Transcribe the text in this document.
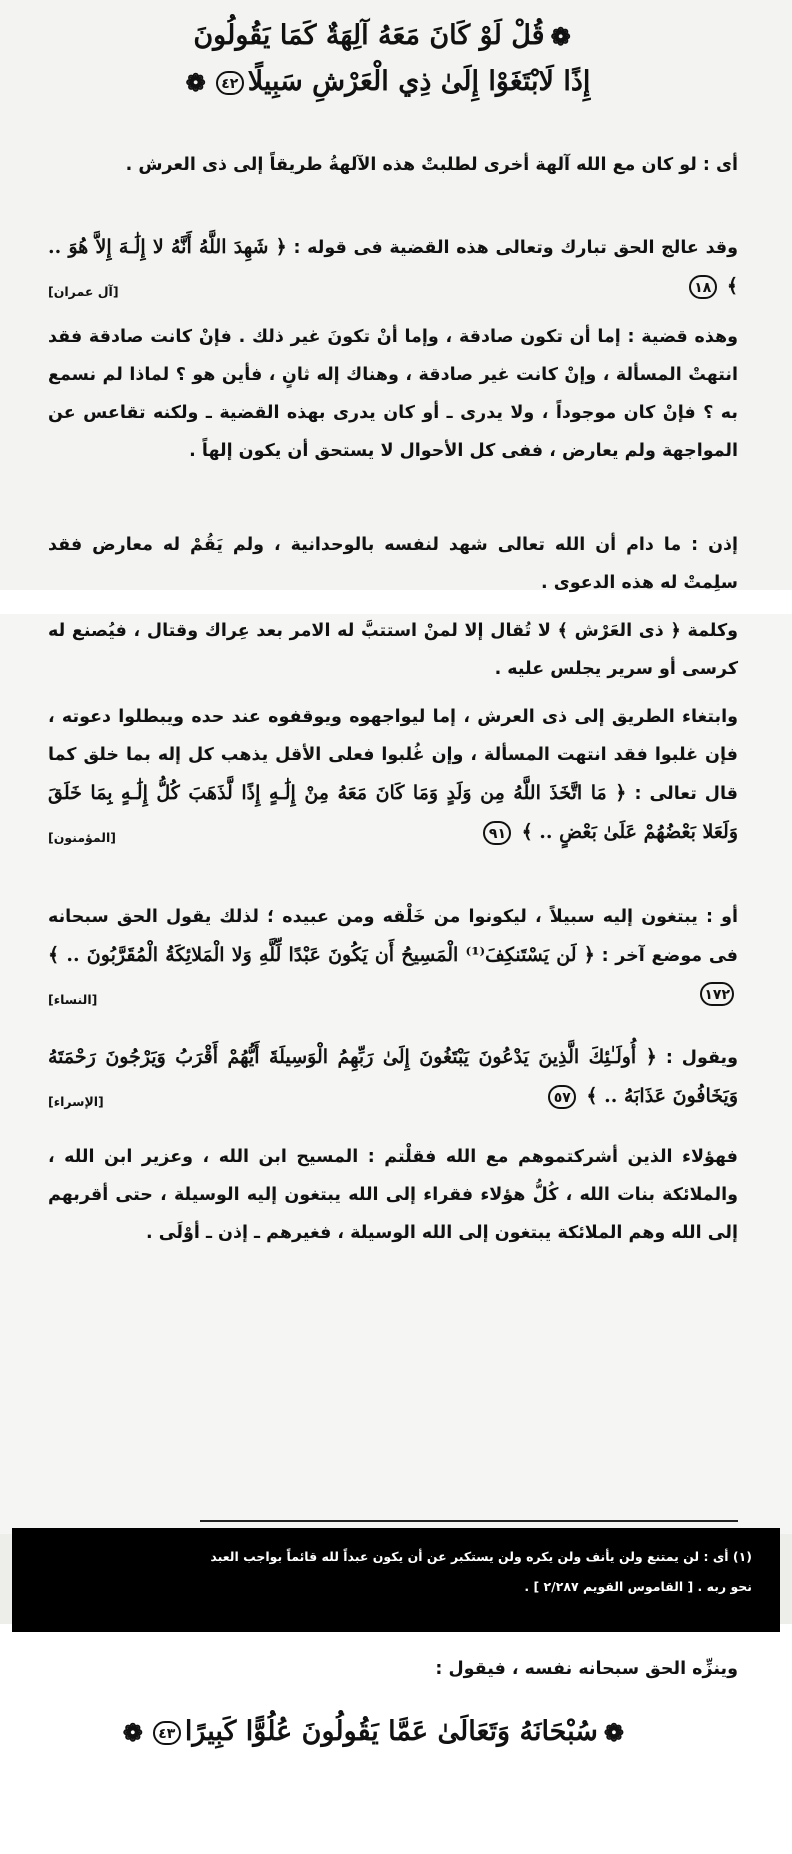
❁قُلْ لَوْ كَانَ مَعَهُ آلِهَةٌ كَمَا يَقُولُونَ
إِذًا لَابْتَغَوْا إِلَىٰ ذِي الْعَرْشِ سَبِيلًا٤٢❁
أى : لو كان مع الله آلهة أخرى لطلبتْ هذه الآلهةُ طريقاً إلى ذى العرش .
وقد عالج الحق تبارك وتعالى هذه القضية فى قوله : ﴿ شَهِدَ اللَّهُ أَنَّهُ لا إِلَٰـهَ إِلاَّ هُوَ .. ﴾ ١٨
[آل عمران]
وهذه قضية : إما أن تكون صادقة ، وإما أنْ تكونَ غير ذلك . فإنْ كانت صادقة فقد انتهتْ المسألة ، وإنْ كانت غير صادقة ، وهناك إله ثانٍ ، فأين هو ؟ لماذا لم نسمع به ؟ فإنْ كان موجوداً ، ولا يدرى ـ أو كان يدرى بهذه القضية ـ ولكنه تقاعس عن المواجهة ولم يعارض ، ففى كل الأحوال لا يستحق أن يكون إلهاً .
إذن : ما دام أن الله تعالى شهد لنفسه بالوحدانية ، ولم يَقُمْ له معارض فقد سلِمتْ له هذه الدعوى .
وكلمة ﴿ ذى العَرْش ﴾ لا تُقال إلا لمنْ استتبَّ له الامر بعد عِراك وقتال ، فيُصنع له كرسى أو سرير يجلس عليه .
وابتغاء الطريق إلى ذى العرش ، إما ليواجهوه ويوقفوه عند حده ويبطلوا دعوته ، فإن غلبوا فقد انتهت المسألة ، وإن غُلبوا فعلى الأقل يذهب كل إله بما خلق كما قال تعالى : ﴿ مَا اتَّخَذَ اللَّهُ مِن وَلَدٍ وَمَا كَانَ مَعَهُ مِنْ إِلَٰـهٍ إِذًا لَّذَهَبَ كُلُّ إِلَٰـهٍ بِمَا خَلَقَ وَلَعَلا بَعْضُهُمْ عَلَىٰ بَعْضٍ .. ﴾ ٩١
[المؤمنون]
أو : يبتغون إليه سبيلاً ، ليكونوا من خَلْقه ومن عبيده ؛ لذلك يقول الحق سبحانه فى موضع آخر : ﴿ لَن يَسْتَنكِفَ⁽¹⁾ الْمَسِيحُ أَن يَكُونَ عَبْدًا لِّلَّهِ وَلا الْمَلائِكَةُ الْمُقَرَّبُونَ .. ﴾ ١٧٢
[النساء]
ويقول : ﴿ أُولَـٰئِكَ الَّذِينَ يَدْعُونَ يَبْتَغُونَ إِلَىٰ رَبِّهِمُ الْوَسِيلَةَ أَيُّهُمْ أَقْرَبُ وَيَرْجُونَ رَحْمَتَهُ وَيَخَافُونَ عَذَابَهُ .. ﴾ ٥٧
[الإسراء]
فهؤلاء الذين أشركتموهم مع الله فقلْتم : المسيح ابن الله ، وعزير ابن الله ، والملائكة بنات الله ، كُلُّ هؤلاء فقراء إلى الله يبتغون إليه الوسيلة ، حتى أقربهم إلى الله وهم الملائكة يبتغون إلى الله الوسيلة ، فغيرهم ـ إذن ـ أوْلَى .
(١) أى : لن يمتنع ولن يأنف ولن يكره ولن يستكبر عن أن يكون عبداً لله قائماً بواجب العبد
نحو ربه . [ القاموس القويم ٢/٢٨٧ ] .
وينزِّه الحق سبحانه نفسه ، فيقول :
❁سُبْحَانَهُ وَتَعَالَىٰ عَمَّا يَقُولُونَ عُلُوًّا كَبِيرًا٤٣❁
